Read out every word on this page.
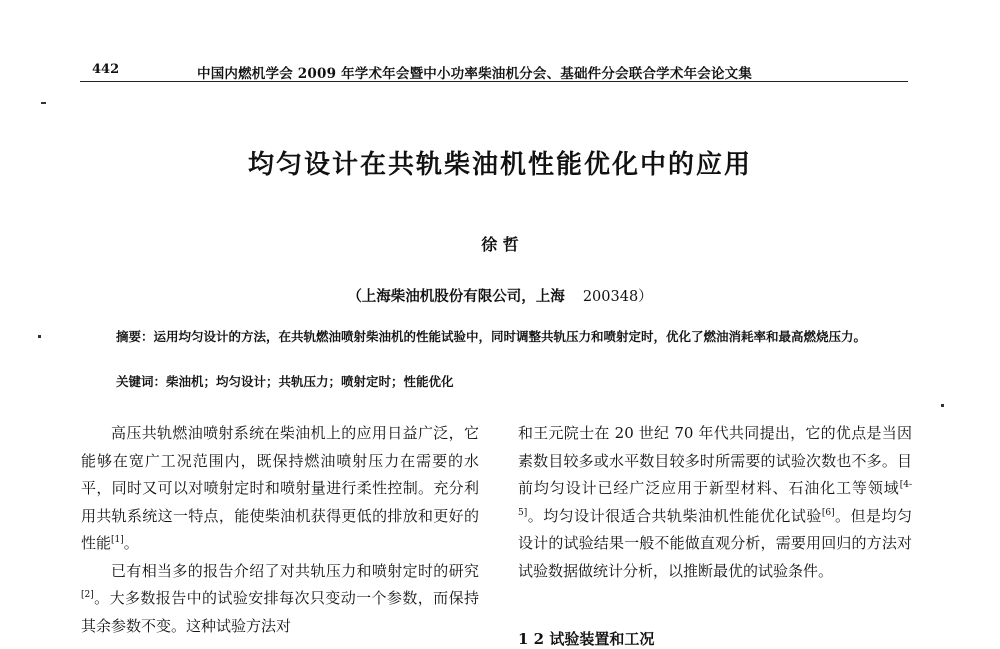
442	中国内燃机学会 2009 年学术年会暨中小功率柴油机分会、基础件分会联合学术年会论文集
均匀设计在共轨柴油机性能优化中的应用
徐 哲
（上海柴油机股份有限公司，上海 200348）
摘要：运用均匀设计的方法，在共轨燃油喷射柴油机的性能试验中，同时调整共轨压力和喷射定时，优化了燃油消耗率和最高燃烧压力。
关键词：柴油机；均匀设计；共轨压力；喷射定时；性能优化

高压共轨燃油喷射系统在柴油机上的应用日益广泛，它能够在宽广工况范围内，既保持燃油喷射压力在需要的水平，同时又可以对喷射定时和喷射量进行柔性控制。充分利用共轨系统这一特点，能使柴油机获得更低的排放和更好的性能[1]。

已有相当多的报告介绍了对共轨压力和喷射定时的研究[2]。大多数报告中的试验安排每次只变动一个参数，而保持其余参数不变。这种试验方法对

和王元院士在 20 世纪 70 年代共同提出，它的优点是当因素数目较多或水平数目较多时所需要的试验次数也不多。目前均匀设计已经广泛应用于新型材料、石油化工等领域[4-5]。均匀设计很适合共轨柴油机性能优化试验[6]。但是均匀设计的试验结果一般不能做直观分析，需要用回归的方法对试验数据做统计分析，以推断最优的试验条件。

1 2 试验装置和工况
